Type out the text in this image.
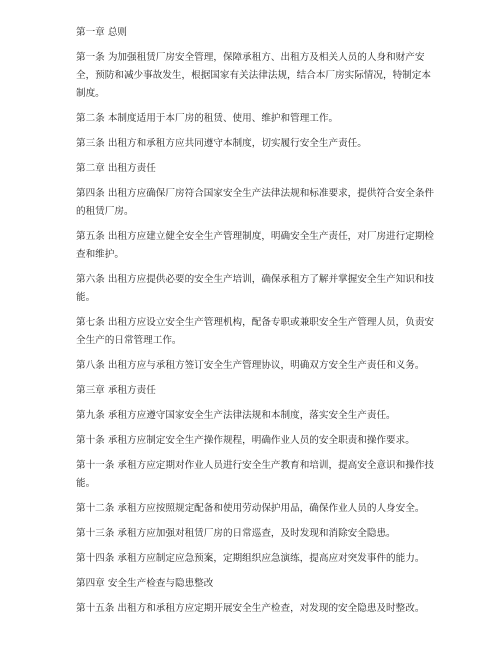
第一章 总则

第一条 为加强租赁厂房安全管理，保障承租方、出租方及相关人员的人身和财产安全，预防和减少事故发生，根据国家有关法律法规，结合本厂房实际情况，特制定本制度。

第二条 本制度适用于本厂房的租赁、使用、维护和管理工作。

第三条 出租方和承租方应共同遵守本制度，切实履行安全生产责任。

第二章 出租方责任

第四条 出租方应确保厂房符合国家安全生产法律法规和标准要求，提供符合安全条件的租赁厂房。

第五条 出租方应建立健全安全生产管理制度，明确安全生产责任，对厂房进行定期检查和维护。

第六条 出租方应提供必要的安全生产培训，确保承租方了解并掌握安全生产知识和技能。

第七条 出租方应设立安全生产管理机构，配备专职或兼职安全生产管理人员，负责安全生产的日常管理工作。

第八条 出租方应与承租方签订安全生产管理协议，明确双方安全生产责任和义务。

第三章 承租方责任

第九条 承租方应遵守国家安全生产法律法规和本制度，落实安全生产责任。

第十条 承租方应制定安全生产操作规程，明确作业人员的安全职责和操作要求。

第十一条 承租方应定期对作业人员进行安全生产教育和培训，提高安全意识和操作技能。

第十二条 承租方应按照规定配备和使用劳动保护用品，确保作业人员的人身安全。

第十三条 承租方应加强对租赁厂房的日常巡查，及时发现和消除安全隐患。

第十四条 承租方应制定应急预案，定期组织应急演练，提高应对突发事件的能力。

第四章 安全生产检查与隐患整改

第十五条 出租方和承租方应定期开展安全生产检查，对发现的安全隐患及时整改。
